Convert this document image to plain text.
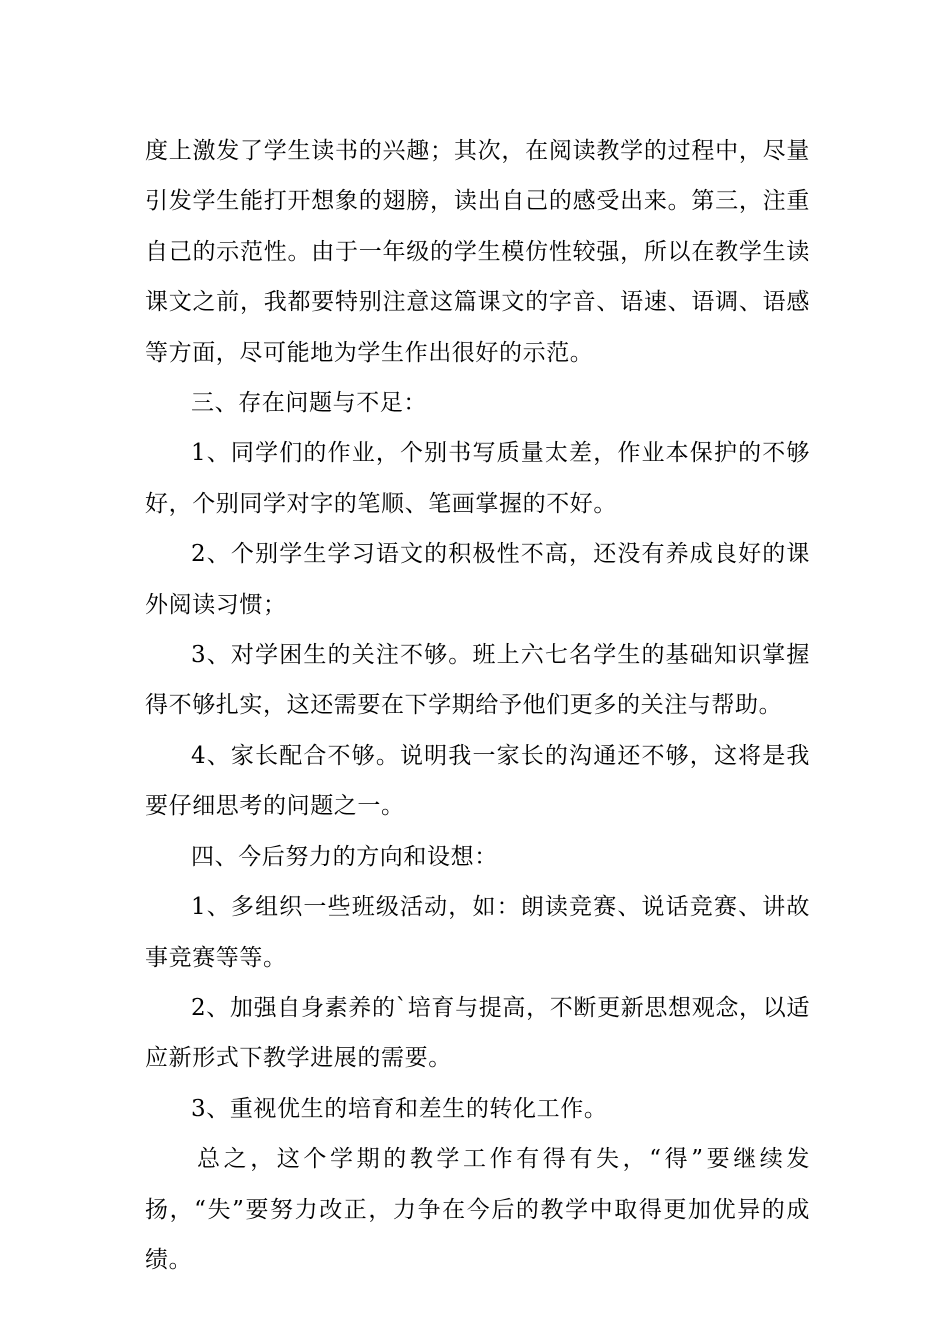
度上激发了学生读书的兴趣；其次，在阅读教学的过程中，尽量引发学生能打开想象的翅膀，读出自己的感受出来。第三，注重自己的示范性。由于一年级的学生模仿性较强，所以在教学生读课文之前，我都要特别注意这篇课文的字音、语速、语调、语感等方面，尽可能地为学生作出很好的示范。

三、存在问题与不足：

1、同学们的作业，个别书写质量太差，作业本保护的不够好，个别同学对字的笔顺、笔画掌握的不好。

2、个别学生学习语文的积极性不高，还没有养成良好的课外阅读习惯；

3、对学困生的关注不够。班上六七名学生的基础知识掌握得不够扎实，这还需要在下学期给予他们更多的关注与帮助。

4、家长配合不够。说明我一家长的沟通还不够，这将是我要仔细思考的问题之一。

四、今后努力的方向和设想：

1、多组织一些班级活动，如：朗读竞赛、说话竞赛、讲故事竞赛等等。

2、加强自身素养的`培育与提高，不断更新思想观念，以适应新形式下教学进展的需要。

3、重视优生的培育和差生的转化工作。

总之，这个学期的教学工作有得有失，“得”要继续发扬，“失”要努力改正，力争在今后的教学中取得更加优异的成绩。
